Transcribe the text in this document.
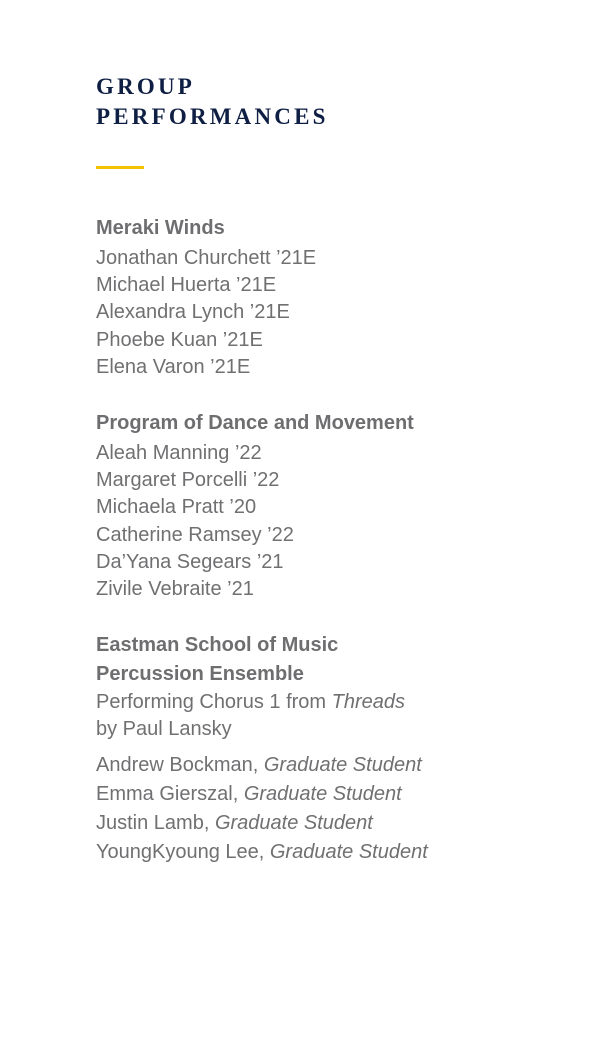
GROUP
PERFORMANCES
Meraki Winds
Jonathan Churchett ’21E
Michael Huerta ’21E
Alexandra Lynch ’21E
Phoebe Kuan ’21E
Elena Varon ’21E
Program of Dance and Movement
Aleah Manning ’22
Margaret Porcelli ’22
Michaela Pratt ’20
Catherine Ramsey ’22
Da’Yana Segears ’21
Zivile Vebraite ’21
Eastman School of Music
Percussion Ensemble
Performing Chorus 1 from Threads
by Paul Lansky
Andrew Bockman, Graduate Student
Emma Gierszal, Graduate Student
Justin Lamb, Graduate Student
YoungKyoung Lee, Graduate Student
